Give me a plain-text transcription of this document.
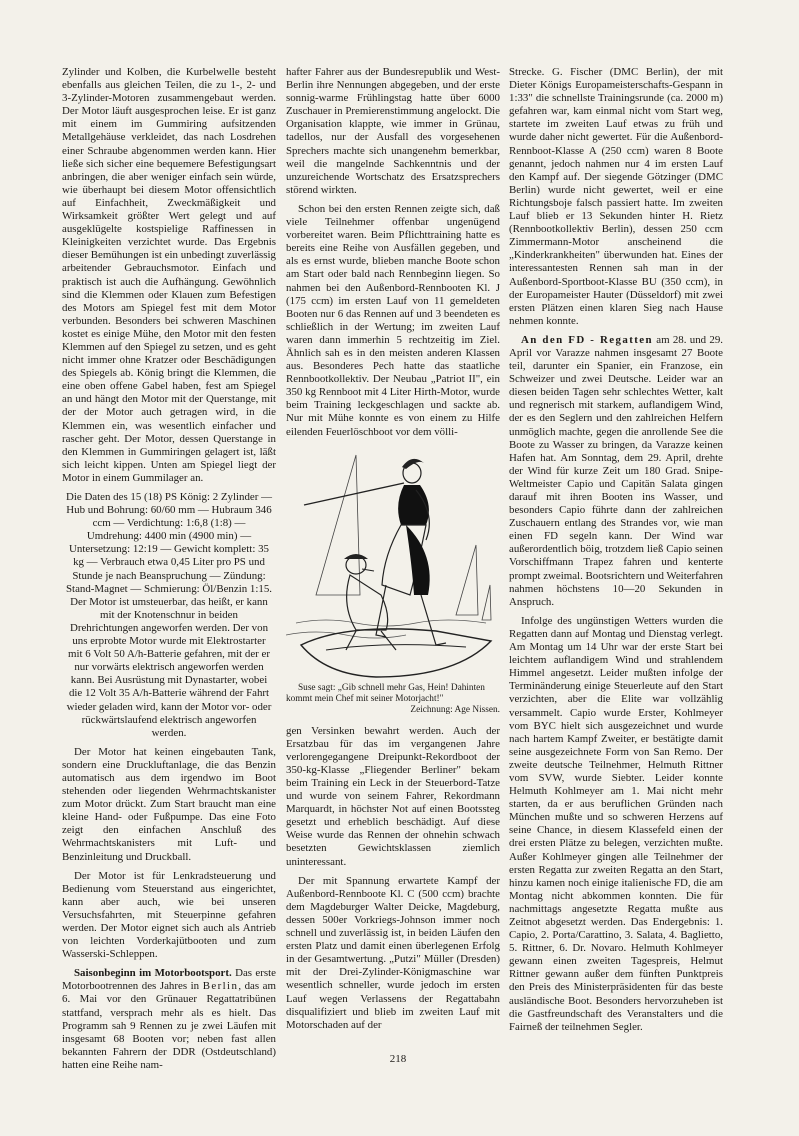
Zylinder und Kolben, die Kurbelwelle besteht ebenfalls aus gleichen Teilen, die zu 1-, 2- und 3-Zylinder-Motoren zusammengebaut werden. Der Motor läuft ausgesprochen leise. Er ist ganz mit einem im Gummiring aufsitzenden Metallgehäuse verkleidet, das nach Losdrehen einer Schraube abgenommen werden kann. Hier ließe sich sicher eine bequemere Befestigungsart anbringen, die aber weniger einfach sein würde, wie überhaupt bei diesem Motor offensichtlich auf Einfachheit, Zweckmäßigkeit und Wirksamkeit größter Wert gelegt und auf ausgeklügelte kostspielige Raffinessen in Kleinigkeiten verzichtet wurde. Das Ergebnis dieser Bemühungen ist ein unbedingt zuverlässig arbeitender Gebrauchsmotor. Einfach und praktisch ist auch die Aufhängung. Gewöhnlich sind die Klemmen oder Klauen zum Befestigen des Motors am Spiegel fest mit dem Motor verbunden. Besonders bei schweren Maschinen kostet es einige Mühe, den Motor mit den festen Klemmen auf den Spiegel zu setzen, und es geht nicht immer ohne Kratzer oder Beschädigungen des Spiegels ab. König bringt die Klemmen, die eine oben offene Gabel haben, fest am Spiegel an und hängt den Motor mit der Querstange, mit der der Motor auch getragen wird, in die Klemmen ein, was wesentlich einfacher und rascher geht. Der Motor, dessen Querstange in den Klemmen in Gummiringen gelagert ist, läßt sich leicht kippen. Unten am Spiegel liegt der Motor in einem Gummilager an.

Die Daten des 15 (18) PS König: 2 Zylinder — Hub und Bohrung: 60/60 mm — Hubraum 346 ccm — Verdichtung: 1:6,8 (1:8) — Umdrehung: 4400 min (4900 min) — Untersetzung: 12:19 — Gewicht komplett: 35 kg — Verbrauch etwa 0,45 Liter pro PS und Stunde je nach Beanspruchung — Zündung: Stand-Magnet — Schmierung: Öl/Benzin 1:15. Der Motor ist umsteuerbar, das heißt, er kann mit der Knotenschnur in beiden Drehrichtungen angeworfen werden. Der von uns erprobte Motor wurde mit Elektrostarter mit 6 Volt 50 A/h-Batterie gefahren, mit der er nur vorwärts elektrisch angeworfen werden kann. Bei Ausrüstung mit Dynastarter, wobei die 12 Volt 35 A/h-Batterie während der Fahrt wieder geladen wird, kann der Motor vor- oder rückwärtslaufend elektrisch angeworfen werden.

Der Motor hat keinen eingebauten Tank, sondern eine Druckluftanlage, die das Benzin automatisch aus dem irgendwo im Boot stehenden oder liegenden Wehrmachtskanister zum Motor drückt. Zum Start braucht man eine kleine Hand- oder Fußpumpe. Das eine Foto zeigt den einfachen Anschluß des Wehrmachtskanisters mit Luft- und Benzinleitung und Druckball.

Der Motor ist für Lenkradsteuerung und Bedienung vom Steuerstand aus eingerichtet, kann aber auch, wie bei unseren Versuchsfahrten, mit Steuerpinne gefahren werden. Der Motor eignet sich auch als Antrieb von leichten Vorderkajütbooten und zum Wasserski-Schleppen.

Saisonbeginn im Motorbootsport. Das erste Motorbootrennen des Jahres in Berlin, das am 6. Mai vor den Grünauer Regattatribünen stattfand, versprach mehr als es hielt. Das Programm sah 9 Rennen zu je zwei Läufen mit insgesamt 68 Booten vor; neben fast allen bekannten Fahrern der DDR (Ostdeutschland) hatten eine Reihe nam-

hafter Fahrer aus der Bundesrepublik und West-Berlin ihre Nennungen abgegeben, und der erste sonnig-warme Frühlingstag hatte über 6000 Zuschauer in Premierenstimmung angelockt. Die Organisation klappte, wie immer in Grünau, tadellos, nur der Ausfall des vorgesehenen Sprechers machte sich unangenehm bemerkbar, weil die mangelnde Sachkenntnis und der unzureichende Wortschatz des Ersatzsprechers störend wirkten.

Schon bei den ersten Rennen zeigte sich, daß viele Teilnehmer offenbar ungenügend vorbereitet waren. Beim Pflichttraining hatte es bereits eine Reihe von Ausfällen gegeben, und als es ernst wurde, blieben manche Boote schon am Start oder bald nach Rennbeginn liegen. So nahmen bei den Außenbord-Rennbooten Kl. J (175 ccm) im ersten Lauf von 11 gemeldeten Booten nur 6 das Rennen auf und 3 beendeten es schließlich in der Wertung; im zweiten Lauf waren dann immerhin 5 rechtzeitig im Ziel. Ähnlich sah es in den meisten anderen Klassen aus. Besonderes Pech hatte das staatliche Rennbootkollektiv. Der Neubau „Patriot II", ein 350 kg Rennboot mit 4 Liter Hirth-Motor, wurde beim Training leckgeschlagen und sackte ab. Nur mit Mühe konnte es von einem zu Hilfe eilenden Feuerlöschboot vor dem völli-

Suse sagt: „Gib schnell mehr Gas, Hein! Dahinten kommt mein Chef mit seiner Motorjacht!"
Zeichnung: Age Nissen.

gen Versinken bewahrt werden. Auch der Ersatzbau für das im vergangenen Jahre verlorengegangene Dreipunkt-Rekordboot der 350-kg-Klasse „Fliegender Berliner" bekam beim Training ein Leck in der Steuerbord-Tatze und wurde von seinem Fahrer, Rekordmann Marquardt, in höchster Not auf einen Bootssteg gesetzt und erheblich beschädigt. Auf diese Weise wurde das Rennen der ohnehin schwach besetzten Gewichtsklassen ziemlich uninteressant.

Der mit Spannung erwartete Kampf der Außenbord-Rennboote Kl. C (500 ccm) brachte dem Magdeburger Walter Deicke, Magdeburg, dessen 500er Vorkriegs-Johnson immer noch schnell und zuverlässig ist, in beiden Läufen den ersten Platz und damit einen überlegenen Erfolg in der Gesamtwertung. „Putzi" Müller (Dresden) mit der Drei-Zylinder-Königmaschine war wesentlich schneller, wurde jedoch im ersten Lauf wegen Verlassens der Regattabahn disqualifiziert und blieb im zweiten Lauf mit Motorschaden auf der

Strecke. G. Fischer (DMC Berlin), der mit Dieter Königs Europameisterschafts-Gespann in 1:33" die schnellste Trainingsrunde (ca. 2000 m) gefahren war, kam einmal nicht vom Start weg, startete im zweiten Lauf etwas zu früh und wurde daher nicht gewertet. Für die Außenbord-Rennboot-Klasse A (250 ccm) waren 8 Boote genannt, jedoch nahmen nur 4 im ersten Lauf den Kampf auf. Der siegende Götzinger (DMC Berlin) wurde nicht gewertet, weil er eine Richtungsboje falsch passiert hatte. Im zweiten Lauf blieb er 13 Sekunden hinter H. Rietz (Rennbootkollektiv Berlin), dessen 250 ccm Zimmermann-Motor anscheinend die „Kinderkrankheiten" überwunden hat. Eines der interessantesten Rennen sah man in der Außenbord-Sportboot-Klasse BU (350 ccm), in der Europameister Hauter (Düsseldorf) mit zwei ersten Plätzen einen klaren Sieg nach Hause nehmen konnte.

An den FD - Regatten am 28. und 29. April vor Varazze nahmen insgesamt 27 Boote teil, darunter ein Spanier, ein Franzose, ein Schweizer und zwei Deutsche. Leider war an diesen beiden Tagen sehr schlechtes Wetter, kalt und regnerisch mit starkem, auflandigem Wind, der es den Seglern und den zahlreichen Helfern unmöglich machte, gegen die anrollende See die Boote zu Wasser zu bringen, da Varazze keinen Hafen hat. Am Sonntag, dem 29. April, drehte der Wind für kurze Zeit um 180 Grad. Snipe-Weltmeister Capio und Capitän Salata gingen darauf mit ihren Booten ins Wasser, und besonders Capio führte dann der zahlreichen Zuschauern entlang des Strandes vor, wie man einen FD segeln kann. Der Wind war außerordentlich böig, trotzdem ließ Capio seinen Vorschiffmann Trapez fahren und kenterte prompt zweimal. Bootsrichtern und Weiterfahren nahmen höchstens 10—20 Sekunden in Anspruch.

Infolge des ungünstigen Wetters wurden die Regatten dann auf Montag und Dienstag verlegt. Am Montag um 14 Uhr war der erste Start bei leichtem auflandigem Wind und strahlendem Himmel angesetzt. Leider mußten infolge der Terminänderung einige Steuerleute auf den Start verzichten, aber die Elite war vollzählig versammelt. Capio wurde Erster, Kohlmeyer vom BYC hielt sich ausgezeichnet und wurde nach hartem Kampf Zweiter, er bestätigte damit seine ausgezeichnete Form von San Remo. Der zweite deutsche Teilnehmer, Helmuth Rittner vom SVW, wurde Siebter. Leider konnte Helmuth Kohlmeyer am 1. Mai nicht mehr starten, da er aus beruflichen Gründen nach München mußte und so schweren Herzens auf seine Chance, in diesem Klassefeld einen der drei ersten Plätze zu belegen, verzichten mußte. Außer Kohlmeyer gingen alle Teilnehmer der ersten Regatta zur zweiten Regatta an den Start, hinzu kamen noch einige italienische FD, die am Montag nicht abkommen konnten. Die für nachmittags angesetzte Regatta mußte aus Zeitnot abgesetzt werden. Das Endergebnis: 1. Capio, 2. Porta/Carattino, 3. Salata, 4. Baglietto, 5. Rittner, 6. Dr. Novaro. Helmuth Kohlmeyer gewann einen zweiten Tagespreis, Helmut Rittner gewann außer dem fünften Punktpreis den Preis des Ministerpräsidenten für das beste ausländische Boot. Besonders hervorzuheben ist die Gastfreundschaft des Veranstalters und die Fairneß der teilnehmen Segler.

218
